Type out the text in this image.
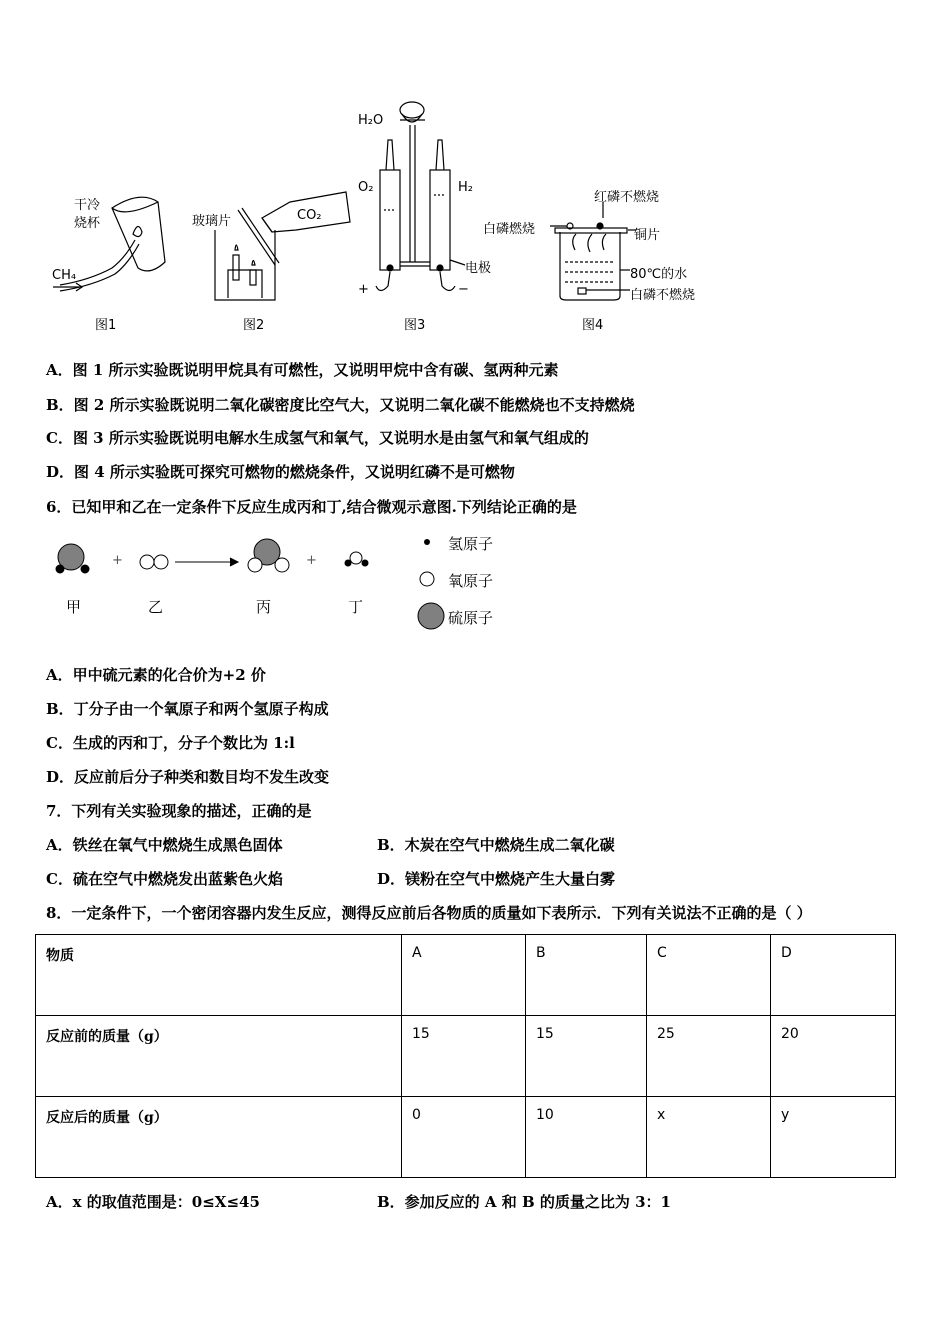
干冷
烧杯
CH₄
图1
玻璃片	CO₂
图2
H₂O
O₂	H₂
电极
+	−
图3
红磷不燃烧
白磷燃烧	铜片
80℃的水
白磷不燃烧
图4
A．图 1 所示实验既说明甲烷具有可燃性，又说明甲烷中含有碳、氢两种元素
B．图 2 所示实验既说明二氧化碳密度比空气大，又说明二氧化碳不能燃烧也不支持燃烧
C．图 3 所示实验既说明电解水生成氢气和氧气，又说明水是由氢气和氧气组成的
D．图 4 所示实验既可探究可燃物的燃烧条件，又说明红磷不是可燃物
6．已知甲和乙在一定条件下反应生成丙和丁,结合微观示意图.下列结论正确的是
+	+
甲	乙	丙	丁
氢原子
氧原子
硫原子
A．甲中硫元素的化合价为+2 价
B．丁分子由一个氧原子和两个氢原子构成
C．生成的丙和丁，分子个数比为 1:l
D．反应前后分子种类和数目均不发生改变
7．下列有关实验现象的描述，正确的是
A．铁丝在氧气中燃烧生成黑色固体	B．木炭在空气中燃烧生成二氧化碳
C．硫在空气中燃烧发出蓝紫色火焰	D．镁粉在空气中燃烧产生大量白雾
8．一定条件下，一个密闭容器内发生反应，测得反应前后各物质的质量如下表所示．下列有关说法不正确的是（ ）
物质	A	B	C	D
反应前的质量（g）	15	15	25	20
反应后的质量（g）	0	10	x	y
A．x 的取值范围是：0≤X≤45	B．参加反应的 A 和 B 的质量之比为 3：1
